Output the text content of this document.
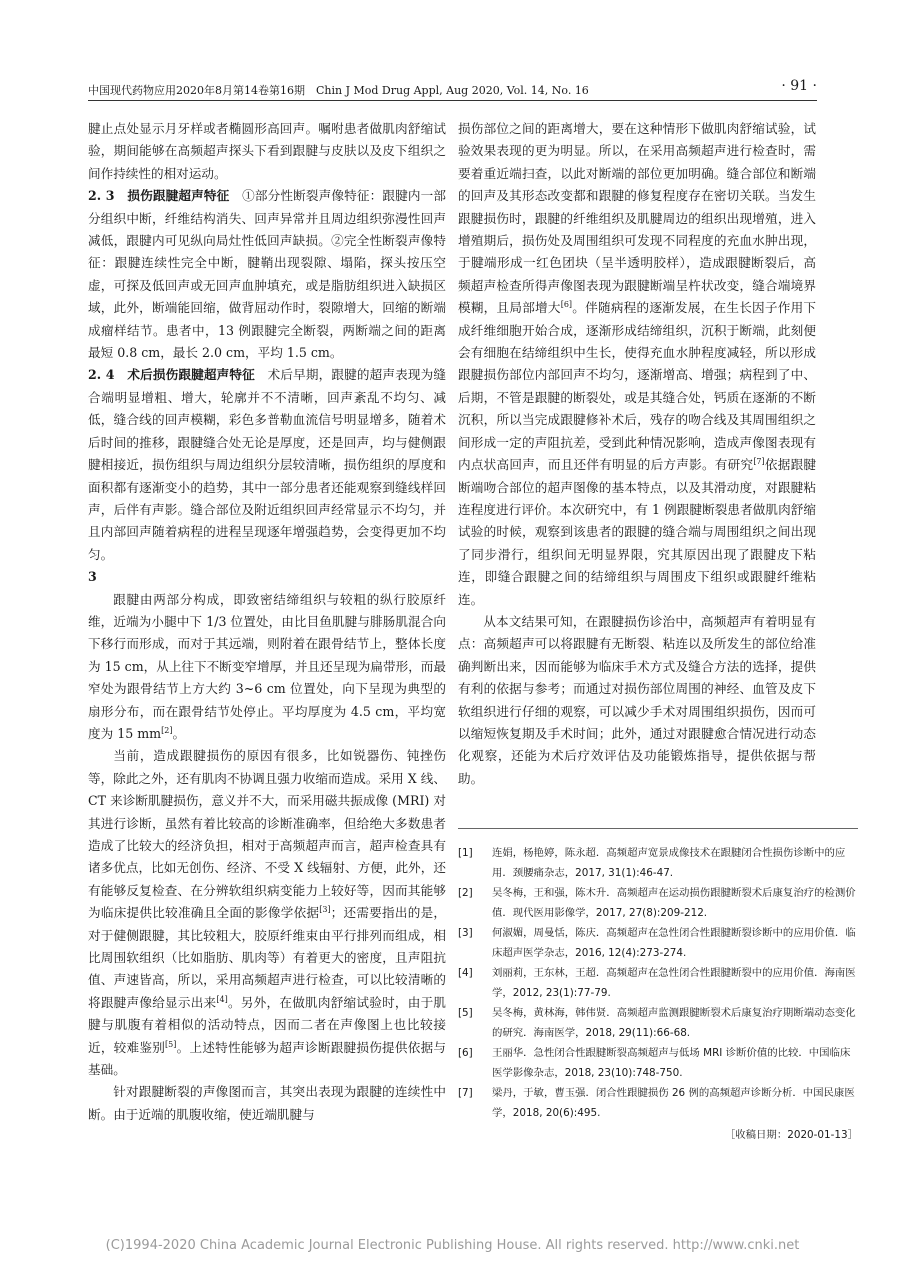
中国现代药物应用2020年8月第14卷第16期　Chin J Mod Drug Appl, Aug 2020, Vol. 14, No. 16	· 91 ·

腱止点处显示月牙样或者椭圆形高回声。嘱咐患者做肌肉舒缩试验，期间能够在高频超声探头下看到跟腱与皮肤以及皮下组织之间作持续性的相对运动。

2. 3　损伤跟腱超声特征　①部分性断裂声像特征：跟腱内一部分组织中断，纤维结构消失、回声异常并且周边组织弥漫性回声减低，跟腱内可见纵向局灶性低回声缺损。②完全性断裂声像特征：跟腱连续性完全中断，腱鞘出现裂隙、塌陷，探头按压空虚，可探及低回声或无回声血肿填充，或是脂肪组织进入缺损区域，此外，断端能回缩，做背屈动作时，裂隙增大，回缩的断端成瘤样结节。患者中，13 例跟腱完全断裂，两断端之间的距离最短 0.8 cm，最长 2.0 cm，平均 1.5 cm。

2. 4　术后损伤跟腱超声特征　术后早期，跟腱的超声表现为缝合端明显增粗、增大，轮廓并不不清晰，回声紊乱不均匀、减低，缝合线的回声模糊，彩色多普勒血流信号明显增多，随着术后时间的推移，跟腱缝合处无论是厚度，还是回声，均与健侧跟腱相接近，损伤组织与周边组织分层较清晰，损伤组织的厚度和面积都有逐渐变小的趋势，其中一部分患者还能观察到缝线样回声，后伴有声影。缝合部位及附近组织回声经常显示不均匀，并且内部回声随着病程的进程呈现逐年增强趋势，会变得更加不均匀。

3

跟腱由两部分构成，即致密结缔组织与较粗的纵行胶原纤维，近端为小腿中下 1/3 位置处，由比目鱼肌腱与腓肠肌混合向下移行而形成，而对于其远端，则附着在跟骨结节上，整体长度为 15 cm，从上往下不断变窄增厚，并且还呈现为扁带形，而最窄处为跟骨结节上方大约 3~6 cm 位置处，向下呈现为典型的扇形分布，而在跟骨结节处停止。平均厚度为 4.5 cm，平均宽度为 15 mm[2]。

当前，造成跟腱损伤的原因有很多，比如锐器伤、钝挫伤等，除此之外，还有肌肉不协调且强力收缩而造成。采用 X 线、CT 来诊断肌腱损伤，意义并不大，而采用磁共振成像 (MRI) 对其进行诊断，虽然有着比较高的诊断准确率，但给绝大多数患者造成了比较大的经济负担，相对于高频超声而言，超声检查具有诸多优点，比如无创伤、经济、不受 X 线辐射、方便，此外，还有能够反复检查、在分辨软组织病变能力上较好等，因而其能够为临床提供比较准确且全面的影像学依据[3]；还需要指出的是，对于健侧跟腱，其比较粗大，胶原纤维束由平行排列而组成，相比周围软组织（比如脂肪、肌肉等）有着更大的密度，且声阻抗值、声速皆高，所以，采用高频超声进行检查，可以比较清晰的将跟腱声像给显示出来[4]。另外，在做肌肉舒缩试验时，由于肌腱与肌腹有着相似的活动特点，因而二者在声像图上也比较接近，较难鉴别[5]。上述特性能够为超声诊断跟腱损伤提供依据与基础。

针对跟腱断裂的声像图而言，其突出表现为跟腱的连续性中断。由于近端的肌腹收缩，使近端肌腱与

损伤部位之间的距离增大，要在这种情形下做肌肉舒缩试验，试验效果表现的更为明显。所以，在采用高频超声进行检查时，需要着重近端扫查，以此对断端的部位更加明确。缝合部位和断端的回声及其形态改变都和跟腱的修复程度存在密切关联。当发生跟腱损伤时，跟腱的纤维组织及肌腱周边的组织出现增殖，进入增殖期后，损伤处及周围组织可发现不同程度的充血水肿出现，于腱端形成一红色团块（呈半透明胶样），造成跟腱断裂后，高频超声检查所得声像图表现为跟腱断端呈杵状改变，缝合端境界模糊，且局部增大[6]。伴随病程的逐渐发展，在生长因子作用下成纤维细胞开始合成，逐渐形成结缔组织，沉积于断端，此刻便会有细胞在结缔组织中生长，使得充血水肿程度减轻，所以形成跟腱损伤部位内部回声不均匀，逐渐增高、增强；病程到了中、后期，不管是跟腱的断裂处，或是其缝合处，钙质在逐渐的不断沉积，所以当完成跟腱修补术后，残存的吻合线及其周围组织之间形成一定的声阻抗差，受到此种情况影响，造成声像图表现有内点状高回声，而且还伴有明显的后方声影。有研究[7]依据跟腱断端吻合部位的超声图像的基本特点，以及其滑动度，对跟腱粘连程度进行评价。本次研究中，有 1 例跟腱断裂患者做肌肉舒缩试验的时候，观察到该患者的跟腱的缝合端与周围组织之间出现了同步滑行，组织间无明显界限，究其原因出现了跟腱皮下粘连，即缝合跟腱之间的结缔组织与周围皮下组织或跟腱纤维粘连。

从本文结果可知，在跟腱损伤诊治中，高频超声有着明显有点：高频超声可以将跟腱有无断裂、粘连以及所发生的部位给准确判断出来，因而能够为临床手术方式及缝合方法的选择，提供有利的依据与参考；而通过对损伤部位周围的神经、血管及皮下软组织进行仔细的观察，可以减少手术对周围组织损伤，因而可以缩短恢复期及手术时间；此外，通过对跟腱愈合情况进行动态化观察，还能为术后疗效评估及功能锻炼指导，提供依据与帮助。

[1]	连娟，杨艳婷，陈永超．高频超声宽景成像技术在跟腱闭合性损伤诊断中的应用．颈腰痛杂志，2017, 31(1):46-47.
[2]	吴冬梅，王和强，陈木升．高频超声在运动损伤跟腱断裂术后康复治疗的检测价值．现代医用影像学，2017, 27(8):209-212.
[3]	何淑媚，周曼恬，陈庆．高频超声在急性闭合性跟腱断裂诊断中的应用价值．临床超声医学杂志，2016, 12(4):273-274.
[4]	刘丽莉，王东林，王超．高频超声在急性闭合性跟腱断裂中的应用价值．海南医学，2012, 23(1):77-79.
[5]	吴冬梅，黄林海，韩伟贤．高频超声监测跟腱断裂术后康复治疗期断端动态变化的研究．海南医学，2018, 29(11):66-68.
[6]	王丽华．急性闭合性跟腱断裂高频超声与低场 MRI 诊断价值的比较．中国临床医学影像杂志，2018, 23(10):748-750.
[7]	梁丹，于敏，曹玉强．闭合性跟腱损伤 26 例的高频超声诊断分析．中国民康医学，2018, 20(6):495.
［收稿日期：2020-01-13］
(C)1994-2020 China Academic Journal Electronic Publishing House. All rights reserved. http://www.cnki.net
